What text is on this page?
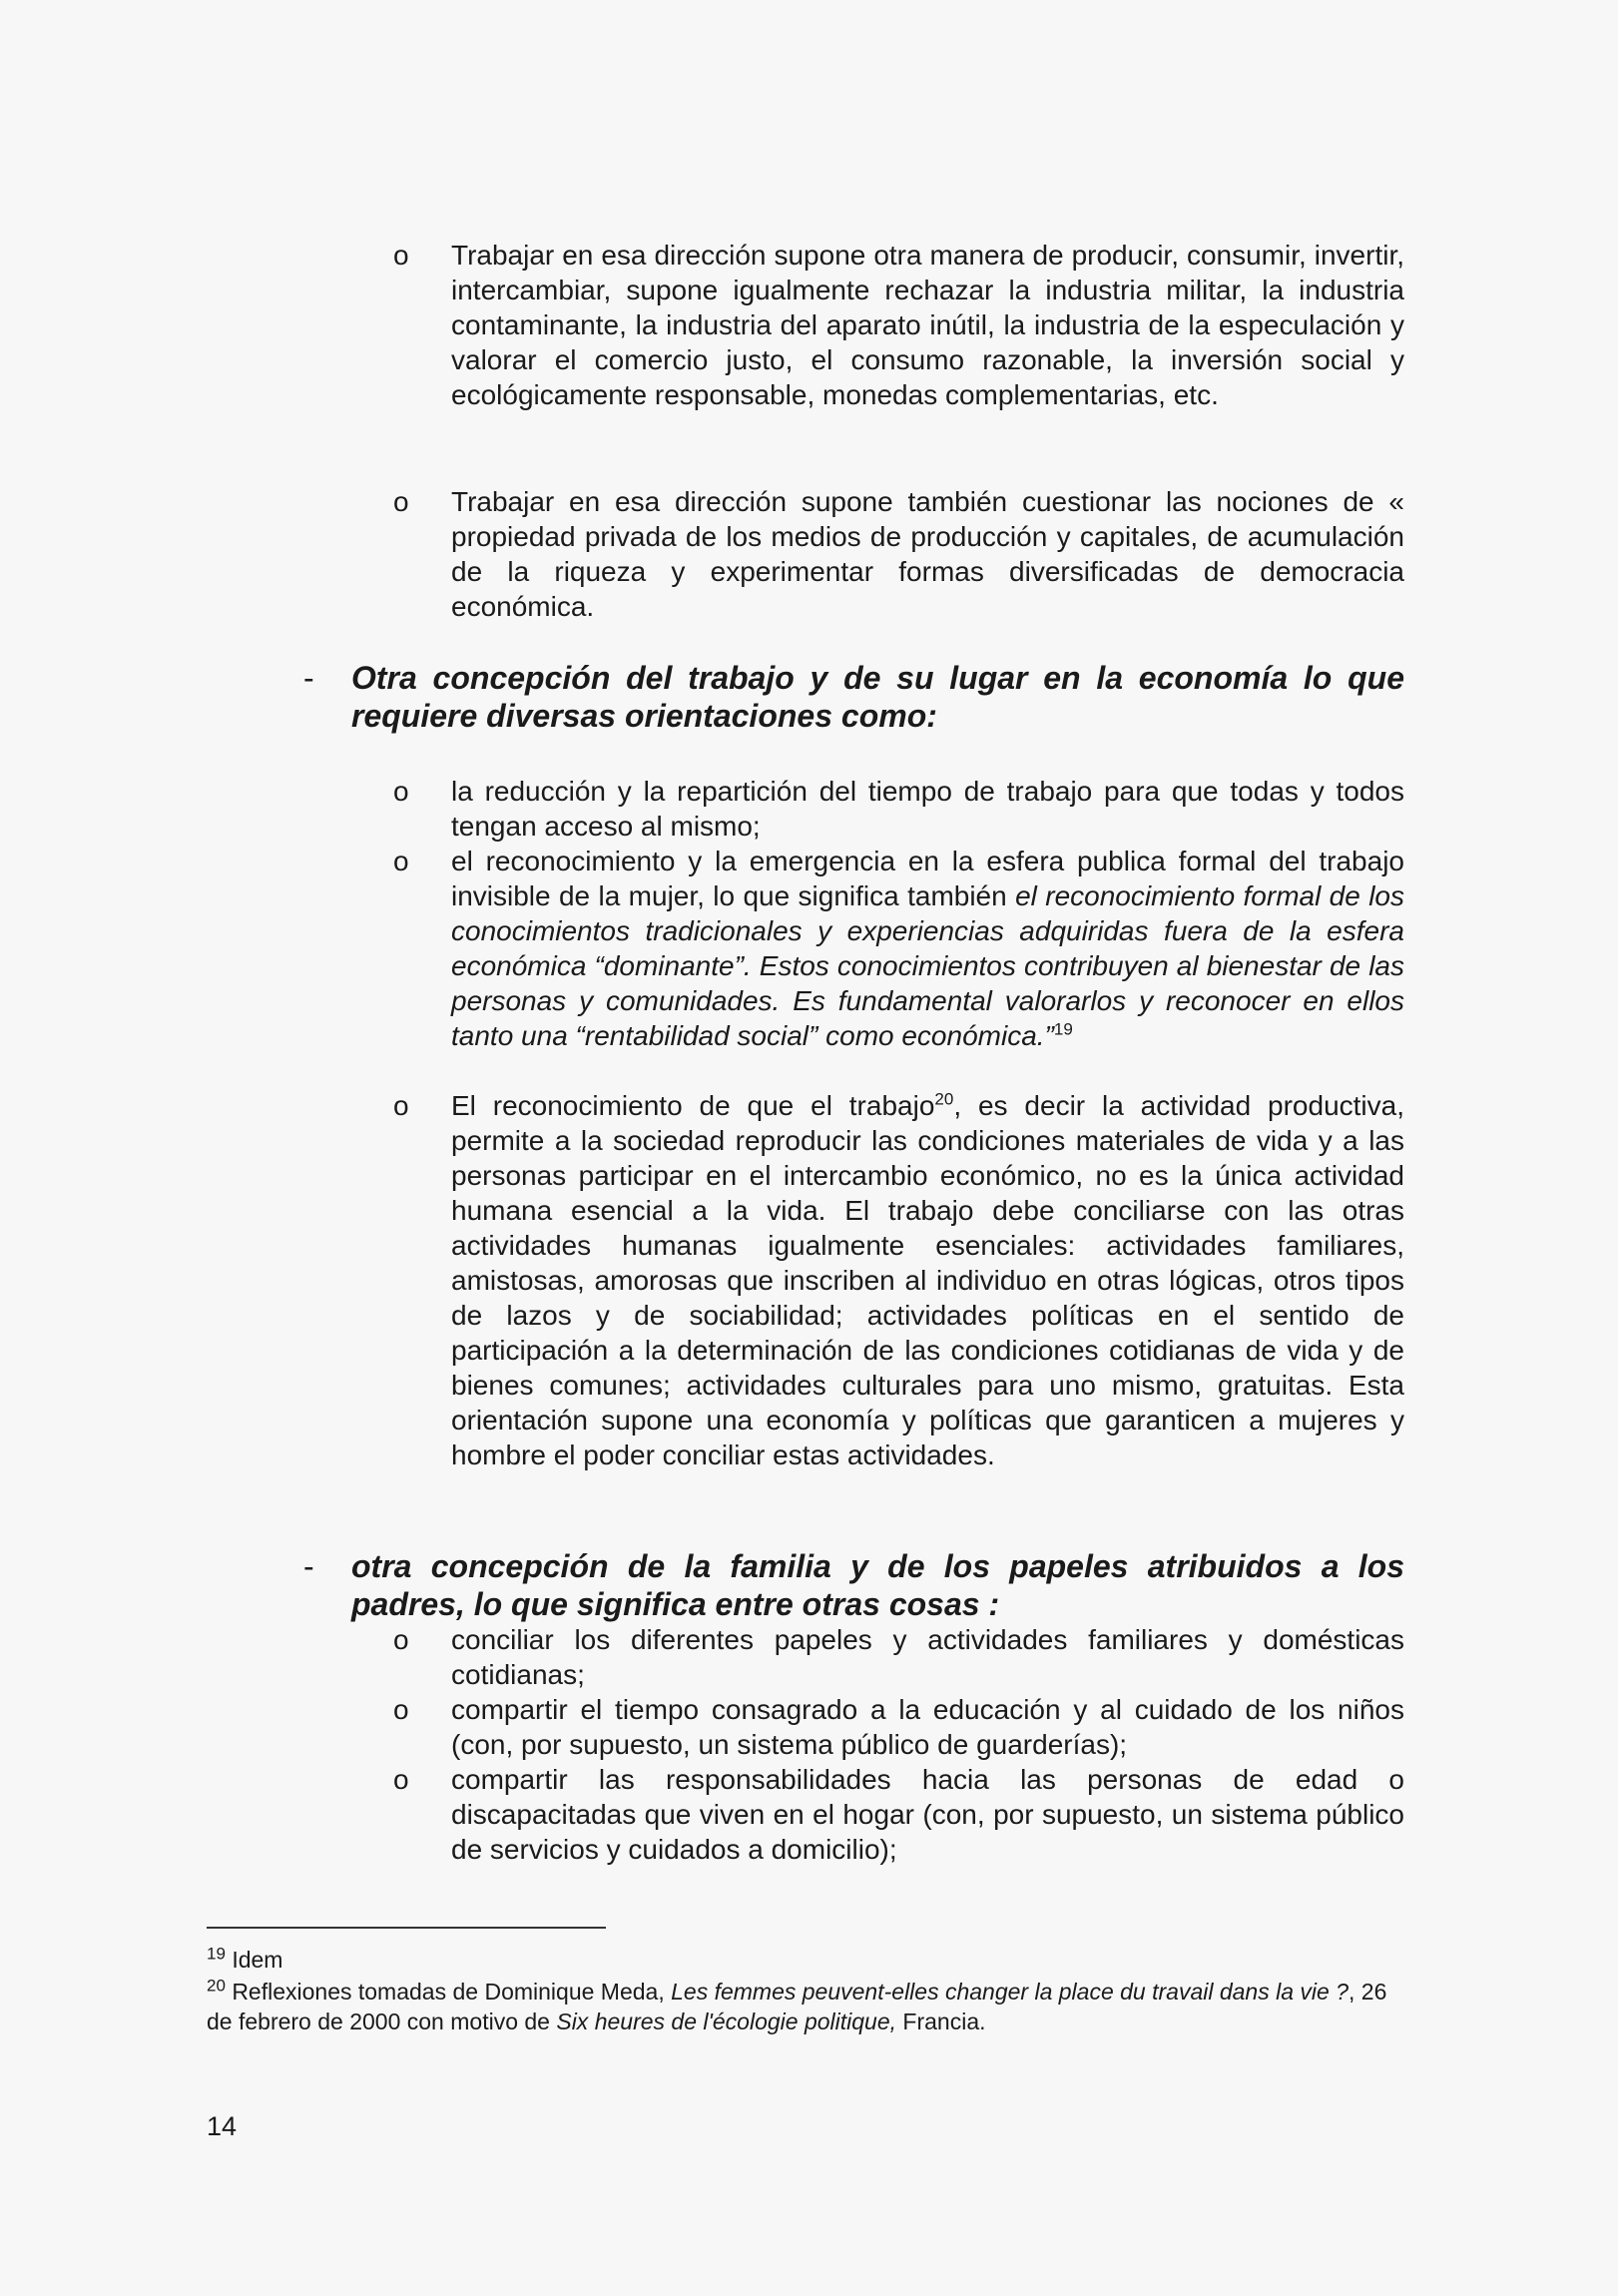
o Trabajar en esa dirección supone otra manera de producir, consumir, invertir, intercambiar, supone igualmente rechazar la industria militar, la industria contaminante, la industria del aparato inútil, la industria de la especulación y valorar el comercio justo, el consumo razonable, la inversión social y ecológicamente responsable, monedas complementarias, etc.
o Trabajar en esa dirección supone también cuestionar las nociones de « propiedad privada de los medios de producción y capitales, de acumulación de la riqueza y experimentar formas diversificadas de democracia económica.
- Otra concepción del trabajo y de su lugar en la economía lo que requiere diversas orientaciones como:
o la reducción y la repartición del tiempo de trabajo para que todas y todos tengan acceso al mismo;
o el reconocimiento y la emergencia en la esfera publica formal del trabajo invisible de la mujer, lo que significa también el reconocimiento formal de los conocimientos tradicionales y experiencias adquiridas fuera de la esfera económica “dominante”. Estos conocimientos contribuyen al bienestar de las personas y comunidades. Es fundamental valorarlos y reconocer en ellos tanto una “rentabilidad social” como económica.”$^{19}$
o El reconocimiento de que el trabajo$^{20}$, es decir la actividad productiva, permite a la sociedad reproducir las condiciones materiales de vida y a las personas participar en el intercambio económico, no es la única actividad humana esencial a la vida. El trabajo debe conciliarse con las otras actividades humanas igualmente esenciales: actividades familiares, amistosas, amorosas que inscriben al individuo en otras lógicas, otros tipos de lazos y de sociabilidad; actividades políticas en el sentido de participación a la determinación de las condiciones cotidianas de vida y de bienes comunes; actividades culturales para uno mismo, gratuitas. Esta orientación supone una economía y políticas que garanticen a mujeres y hombre el poder conciliar estas actividades.
- otra concepción de la familia y de los papeles atribuidos a los padres, lo que significa entre otras cosas :
o conciliar los diferentes papeles y actividades familiares y domésticas cotidianas;
o compartir el tiempo consagrado a la educación y al cuidado de los niños (con, por supuesto, un sistema público de guarderías);
o compartir las responsabilidades hacia las personas de edad o discapacitadas que viven en el hogar (con, por supuesto, un sistema público de servicios y cuidados a domicilio);
$^{19}$ Idem
$^{20}$ Reflexiones tomadas de Dominique Meda, Les femmes peuvent-elles changer la place du travail dans la vie ?, 26 de febrero de 2000 con motivo de Six heures de l'écologie politique, Francia.
14
